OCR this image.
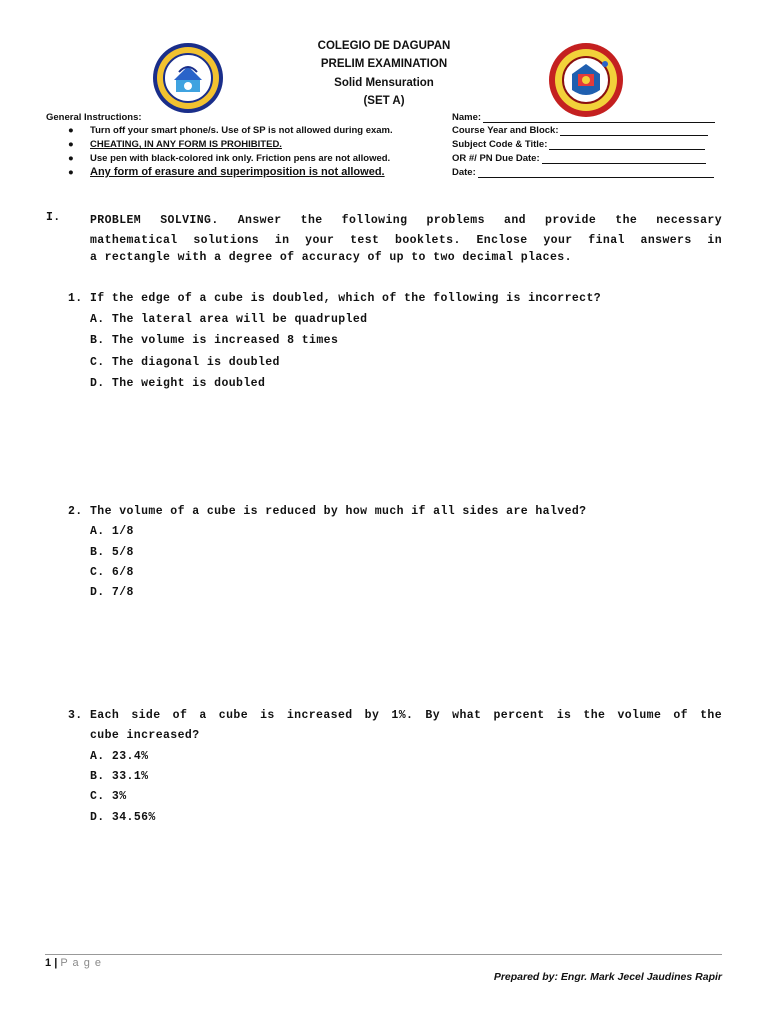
COLEGIO DE DAGUPAN
PRELIM EXAMINATION
Solid Mensuration
(SET A)
General Instructions:
● Turn off your smart phone/s. Use of SP is not allowed during exam.
● CHEATING, IN ANY FORM IS PROHIBITED.
● Use pen with black-colored ink only. Friction pens are not allowed.
● Any form of erasure and superimposition is not allowed.
Name:
Course Year and Block:
Subject Code & Title:
OR #/ PN Due Date:
Date:
I.	PROBLEM SOLVING. Answer the following problems and provide the necessary
mathematical solutions in your test booklets. Enclose your final answers in
a rectangle with a degree of accuracy of up to two decimal places.
1. If the edge of a cube is doubled, which of the following is incorrect?
A. The lateral area will be quadrupled
B. The volume is increased 8 times
C. The diagonal is doubled
D. The weight is doubled
2. The volume of a cube is reduced by how much if all sides are halved?
A. 1/8
B. 5/8
C. 6/8
D. 7/8
3. Each side of a cube is increased by 1%. By what percent is the volume of the
cube increased?
A. 23.4%
B. 33.1%
C. 3%
D. 34.56%
1 | P a g e
Prepared by: Engr. Mark Jecel Jaudines Rapir
